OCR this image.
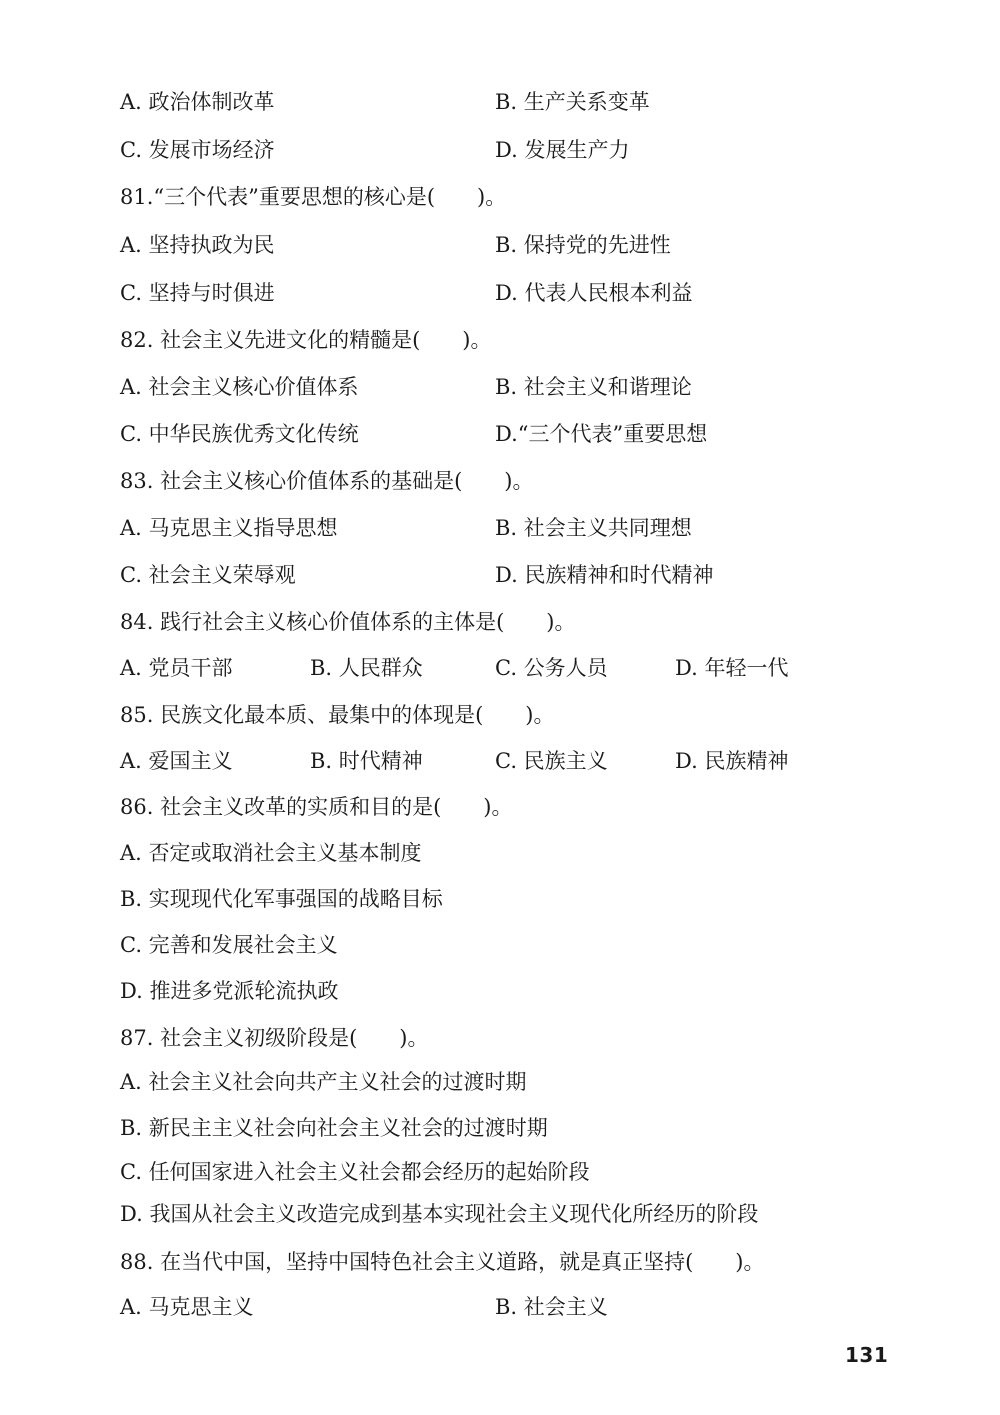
131
A. 政治体制改革	B. 生产关系变革
C. 发展市场经济	D. 发展生产力
81.“三个代表”重要思想的核心是(　　)。
A. 坚持执政为民	B. 保持党的先进性
C. 坚持与时俱进	D. 代表人民根本利益
82. 社会主义先进文化的精髓是(　　)。
A. 社会主义核心价值体系	B. 社会主义和谐理论
C. 中华民族优秀文化传统	D.“三个代表”重要思想
83. 社会主义核心价值体系的基础是(　　)。
A. 马克思主义指导思想	B. 社会主义共同理想
C. 社会主义荣辱观	D. 民族精神和时代精神
84. 践行社会主义核心价值体系的主体是(　　)。
A. 党员干部	B. 人民群众	C. 公务人员	D. 年轻一代
85. 民族文化最本质、最集中的体现是(　　)。
A. 爱国主义	B. 时代精神	C. 民族主义	D. 民族精神
86. 社会主义改革的实质和目的是(　　)。
A. 否定或取消社会主义基本制度
B. 实现现代化军事强国的战略目标
C. 完善和发展社会主义
D. 推进多党派轮流执政
87. 社会主义初级阶段是(　　)。
A. 社会主义社会向共产主义社会的过渡时期
B. 新民主主义社会向社会主义社会的过渡时期
C. 任何国家进入社会主义社会都会经历的起始阶段
D. 我国从社会主义改造完成到基本实现社会主义现代化所经历的阶段
88. 在当代中国，坚持中国特色社会主义道路，就是真正坚持(　　)。
A. 马克思主义	B. 社会主义
